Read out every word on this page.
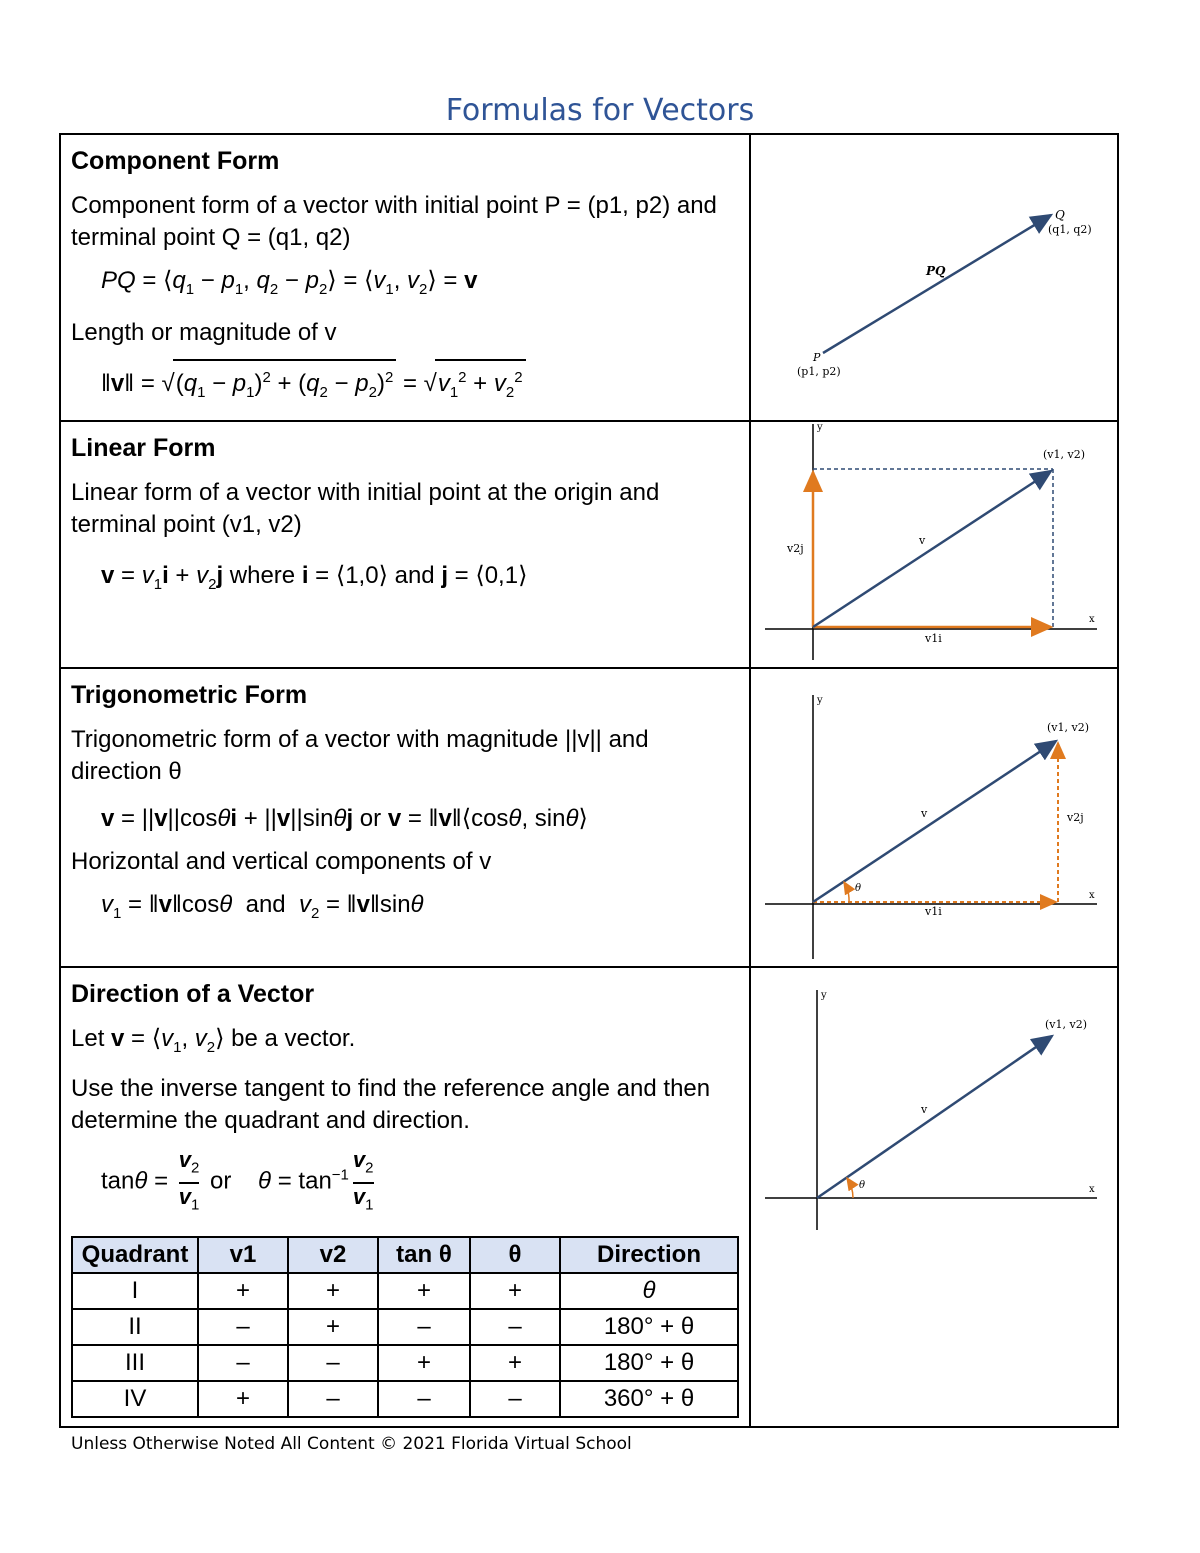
Formulas for Vectors
Component Form
Component form of a vector with initial point P = (p1, p2) and terminal point Q = (q1, q2)
PQ = $⟨q_1 - p_1$, $q_2$ − $p_2⟩$ = $⟨v_1$, $v_2⟩ = v$
Length or magnitude of v
‖v‖ = $√(q_1 - p_1)^2 + (q_2 - p_2)^2 = √v_1^2 + v_2^2$

Q
(q1, q2)
PQ
P
(p1, p2)

Linear Form
Linear form of a vector with initial point at the origin and terminal point (v1, v2)
$v = v_1i + v_2j$ where i = ⟨1,0⟩ and j = ⟨0,1⟩

x
y
(v1, v2)
v
v2j
v1i

Trigonometric Form
Trigonometric form of a vector with magnitude ||v|| and direction θ
v = ||v||cosθi + ||v||sinθj or v = ‖v‖⟨cosθ, sinθ⟩
Horizontal and vertical components of v
$v_1$ = ‖v‖cosθ  and  $v_2$ = ‖v‖sinθ	x
y
θ
(v1, v2)
v	v2j
v1i

Direction of a Vector
Let $v = ⟨v_1$, $v_2⟩$ be a vector.
Use the inverse tangent to find the reference angle and then determine the quadrant and direction.
$\tan\theta = \frac{v_2}{v_1}$ or    $\theta = \tan^{-1} \frac{v_2}{v_1}$
Quadrant	v1	v2	tan θ	θ	Direction
I	+	+	+	+	θ
II	–	+	–	–	180° + θ
III	–	–	+	+	180° + θ
IV	+	–	–	–	360° + θ

x
y
θ
(v1, v2)
v
Unless Otherwise Noted All Content © 2021 Florida Virtual School
